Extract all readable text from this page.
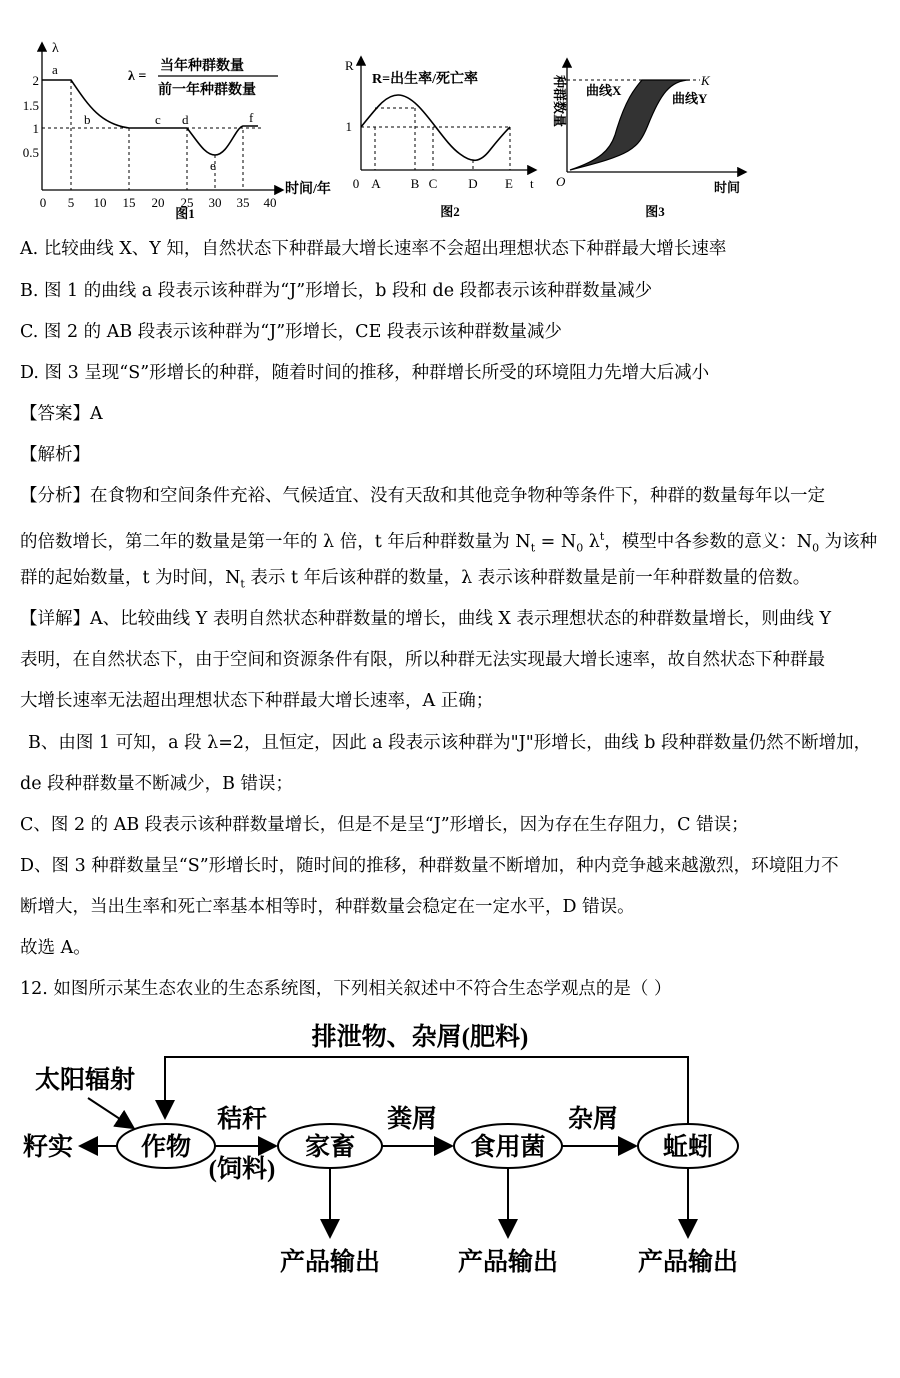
λ
λ =
当年种群数量
前一年种群数量
2
1.5
1
0.5
0 5 10 15 20 25 30 35 40
时间/年
a
b	c d
e
f
图1
R
R=出生率/死亡率
1
0 A B C D E t
图2
种群数量	K
曲线X
曲线Y
O	时间
图3
A. 比较曲线 X、Y 知，自然状态下种群最大增长速率不会超出理想状态下种群最大增长速率
B. 图 1 的曲线 a 段表示该种群为“J”形增长，b 段和 de 段都表示该种群数量减少
C. 图 2 的 AB 段表示该种群为“J”形增长，CE 段表示该种群数量减少
D. 图 3 呈现“S”形增长的种群，随着时间的推移，种群增长所受的环境阻力先增大后减小
【答案】A
【解析】
【分析】在食物和空间条件充裕、气候适宜、没有天敌和其他竞争物种等条件下，种群的数量每年以一定
的倍数增长，第二年的数量是第一年的 λ 倍，t 年后种群数量为 $N_t = N_0$ $\lambda^t$，模型中各参数的意义：$N_0$ 为该种
群的起始数量，t 为时间，$N_t$ 表示 t 年后该种群的数量，λ 表示该种群数量是前一年种群数量的倍数。
【详解】A、比较曲线 Y 表明自然状态种群数量的增长，曲线 X 表示理想状态的种群数量增长，则曲线 Y
表明，在自然状态下，由于空间和资源条件有限，所以种群无法实现最大增长速率，故自然状态下种群最
大增长速率无法超出理想状态下种群最大增长速率，A 正确；
B、由图 1 可知，a 段 λ=2，且恒定，因此 a 段表示该种群为"J"形增长，曲线 b 段种群数量仍然不断增加，
de 段种群数量不断减少，B 错误；
C、图 2 的 AB 段表示该种群数量增长，但是不是呈“J”形增长，因为存在生存阻力，C 错误；
D、图 3 种群数量呈“S”形增长时，随时间的推移，种群数量不断增加，种内竞争越来越激烈，环境阻力不
断增大，当出生率和死亡率基本相等时，种群数量会稳定在一定水平，D 错误。
故选 A。
12. 如图所示某生态农业的生态系统图，下列相关叙述中不符合生态学观点的是（ ）
排泄物、杂屑(肥料)
太阳辐射
籽实	作物	家畜	食用菌	蚯蚓
秸秆
(饲料)
粪屑	杂屑
产品输出	产品输出	产品输出
